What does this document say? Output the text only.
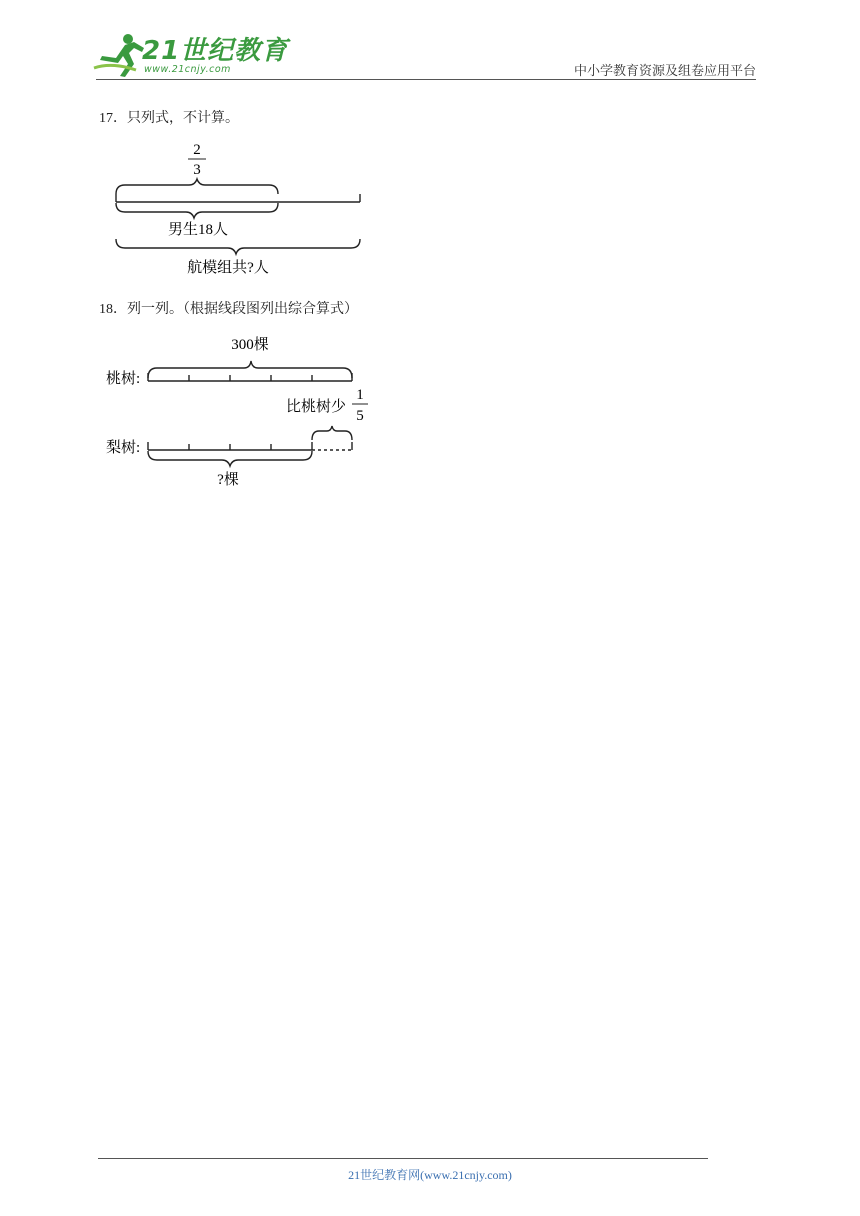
21世纪教育
www.21cnjy.com	中小学教育资源及组卷应用平台
17．只列式，不计算。
2
3
男生18人
航模组共?人
18．列一列。（根据线段图列出综合算式）
300棵
桃树:
比桃树少
1
5
梨树:
?棵
21世纪教育网(www.21cnjy.com)
